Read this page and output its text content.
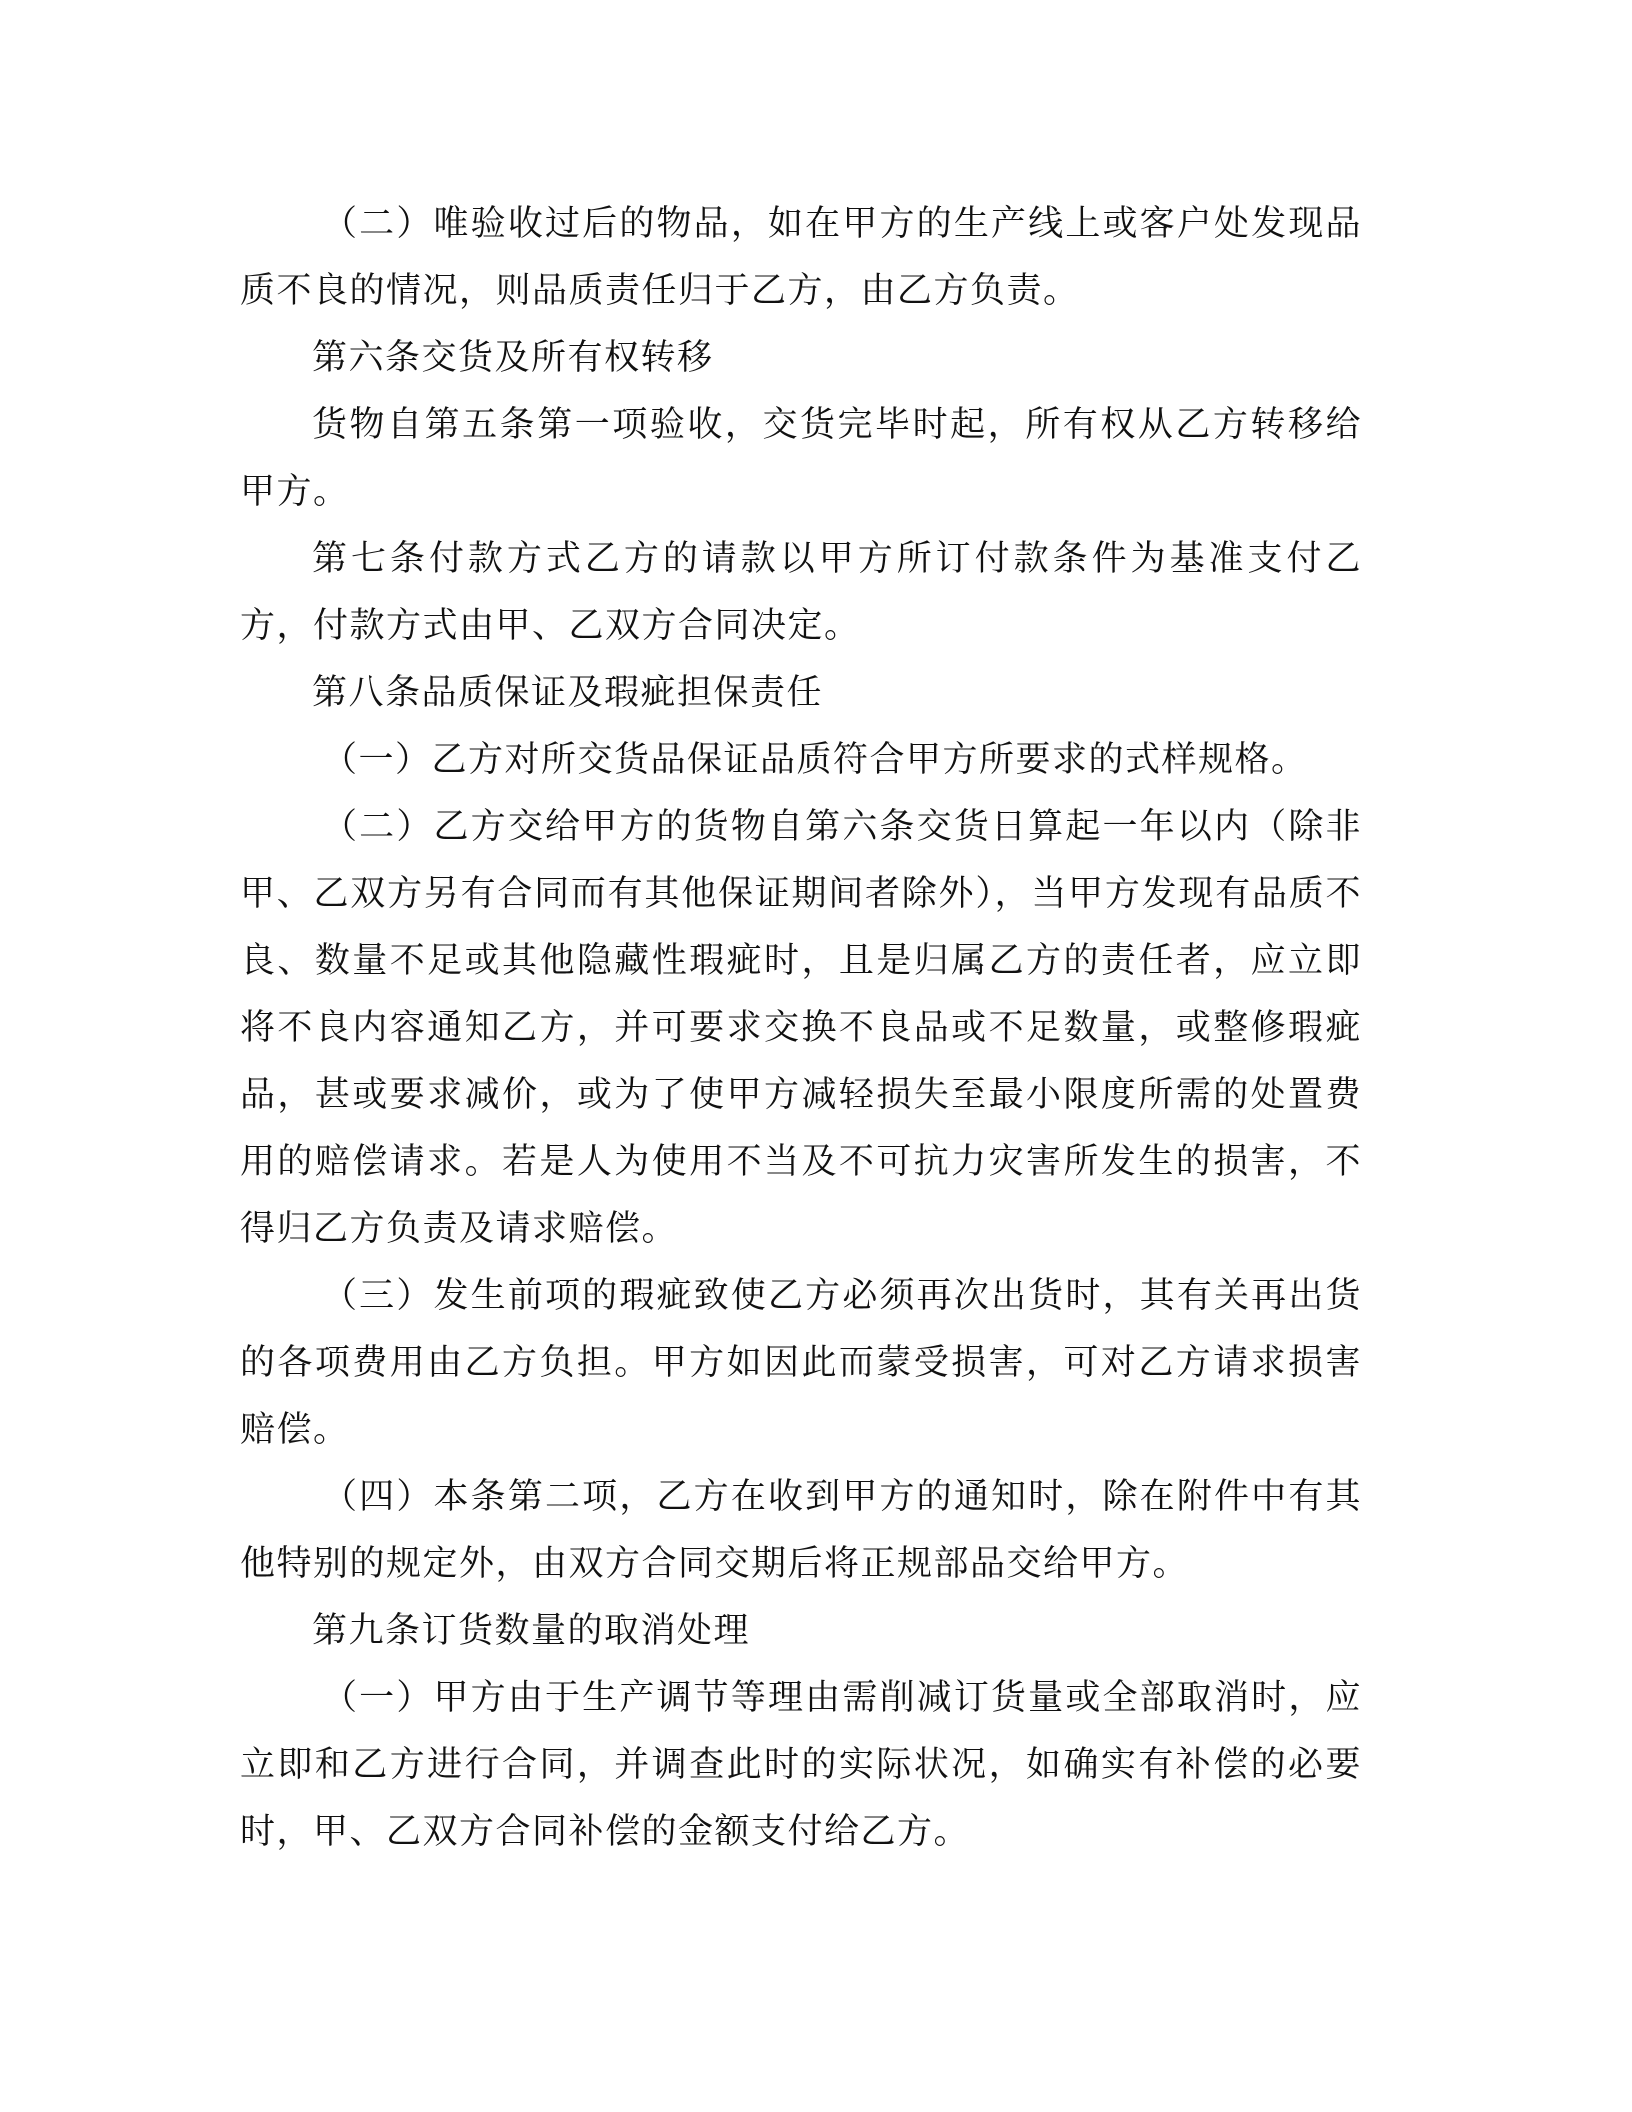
（二）唯验收过后的物品，如在甲方的生产线上或客户处发现品质不良的情况，则品质责任归于乙方，由乙方负责。

第六条交货及所有权转移

货物自第五条第一项验收，交货完毕时起，所有权从乙方转移给甲方。

第七条付款方式乙方的请款以甲方所订付款条件为基准支付乙方，付款方式由甲、乙双方合同决定。

第八条品质保证及瑕疵担保责任

（一）乙方对所交货品保证品质符合甲方所要求的式样规格。

（二）乙方交给甲方的货物自第六条交货日算起一年以内（除非甲、乙双方另有合同而有其他保证期间者除外），当甲方发现有品质不良、数量不足或其他隐藏性瑕疵时，且是归属乙方的责任者，应立即将不良内容通知乙方，并可要求交换不良品或不足数量，或整修瑕疵品，甚或要求减价，或为了使甲方减轻损失至最小限度所需的处置费用的赔偿请求。若是人为使用不当及不可抗力灾害所发生的损害，不得归乙方负责及请求赔偿。

（三）发生前项的瑕疵致使乙方必须再次出货时，其有关再出货的各项费用由乙方负担。甲方如因此而蒙受损害，可对乙方请求损害赔偿。

（四）本条第二项，乙方在收到甲方的通知时，除在附件中有其他特别的规定外，由双方合同交期后将正规部品交给甲方。

第九条订货数量的取消处理

（一）甲方由于生产调节等理由需削减订货量或全部取消时，应立即和乙方进行合同，并调查此时的实际状况，如确实有补偿的必要时，甲、乙双方合同补偿的金额支付给乙方。
